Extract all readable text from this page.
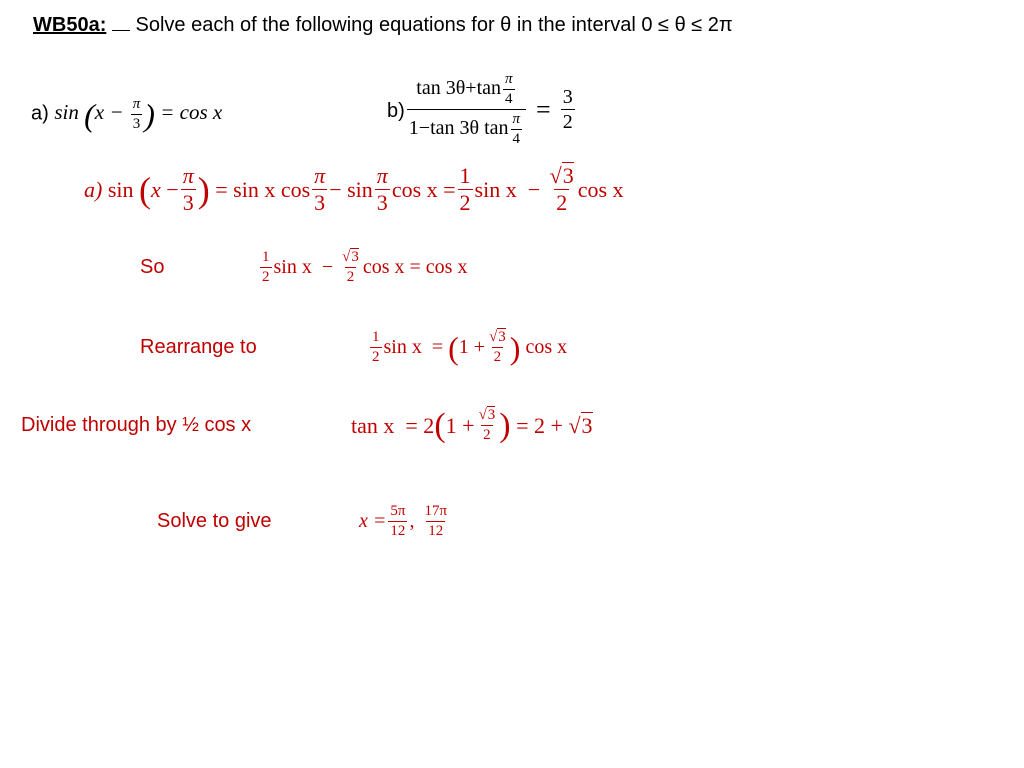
WB50a: Solve each of the following equations for θ in the interval 0 ≤ θ ≤ 2π
a) $\sin (x - \frac{\pi}{3}$ ) = cos x	$b) \frac{\tan 3\theta+\tan \frac{\pi}{4}}{1-\tan 3\theta \tan \frac{\pi}{4}} = \frac{3}{2}$
a)
sin
( x
− $\frac{\pi}{3}$ )
= sin x $\cos \frac{\pi}{3} - \sin \frac{\pi}{3}$ $\cos x = \frac{1}{2}$ sin x
−
$\frac{√3}{2}$ cos x
So	$\frac{1}{2}$ sin x
−
$\frac{√3}{2}$ cos x = cos x
Rearrange to	$\frac{1}{2}$ sin x
=
( $1 + \frac{√3}{2}$ )
cos x
Divide through by ½ cos x	tan x
= 2 ( $1 + \frac{√3}{2}$ )
= 2 + √ 3
Solve to give	$x = \frac{5\pi}{12}$ , $\frac{17\pi}{12}$
